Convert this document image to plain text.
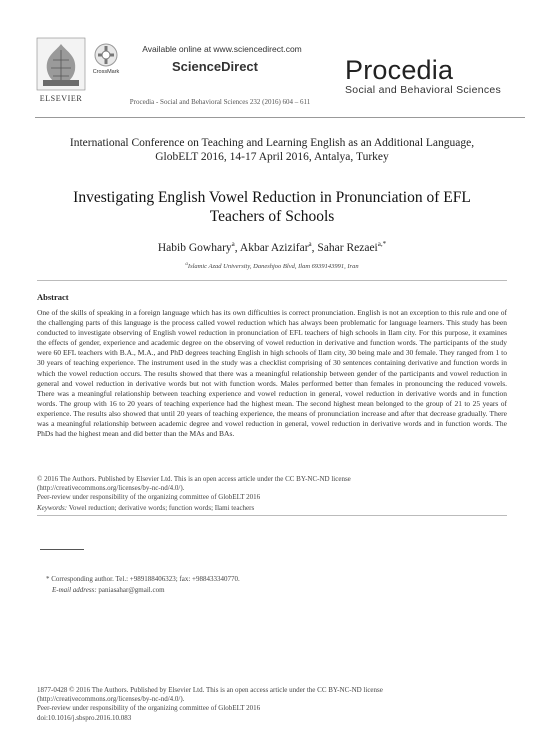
ELSEVIER
CrossMark
Available online at www.sciencedirect.com
ScienceDirect
Procedia - Social and Behavioral Sciences 232 (2016) 604 – 611
Procedia
Social and Behavioral Sciences
International Conference on Teaching and Learning English as an Additional Language,
GlobELT 2016, 14-17 April 2016, Antalya, Turkey
Investigating English Vowel Reduction in Pronunciation of EFL
Teachers of Schools
Habib Gowhary$^a$, Akbar Azizifar$^a$, Sahar Rezaei$^{a,*}$
$^a$Islamic Azad University, Daneshjoo Blvd, Ilam 6939143991, Iran
Abstract
One of the skills of speaking in a foreign language which has its own difficulties is correct pronunciation. English is not an exception to this rule and one of the challenging parts of this language is the process called vowel reduction which has always been problematic for language learners. This study has been conducted to investigate observing of English vowel reduction in pronunciation of EFL teachers of high schools in Ilam city. For this purpose, it examines the effects of gender, experience and academic degree on the observing of vowel reduction in derivative and function words. The participants of the study were 60 EFL teachers with B.A., M.A., and PhD degrees teaching English in high schools of Ilam city, 30 being male and 30 female. They ranged from 1 to 30 years of teaching experience. The instrument used in the study was a checklist comprising of 30 sentences containing derivative and function words in which the vowel reduction occurs. The results showed that there was a meaningful relationship between gender of the participants and vowel reduction in general and vowel reduction in derivative words but not with function words. Males performed better than females in pronouncing the reduced vowels. There was a meaningful relationship between teaching experience and vowel reduction in general, vowel reduction in derivative words and in function words. The group with 16 to 20 years of teaching experience had the highest mean. The second highest mean belonged to the group of 21 to 25 years of experience. The results also showed that until 20 years of teaching experience, the means of pronunciation increase and after that decrease gradually. There was a meaningful relationship between academic degree and vowel reduction in general, vowel reduction in derivative words and in function words. The PhDs had the highest mean and did better than the MAs and BAs.
© 2016 The Authors. Published by Elsevier Ltd. This is an open access article under the CC BY-NC-ND license
(http://creativecommons.org/licenses/by-nc-nd/4.0/).
Peer-review under responsibility of the organizing committee of GlobELT 2016
Keywords: Vowel reduction; derivative words; function words; Ilami teachers
* Corresponding author. Tel.: +989188406323; fax: +988433340770.
E-mail address: paniasahar@gmail.com
1877-0428 © 2016 The Authors. Published by Elsevier Ltd. This is an open access article under the CC BY-NC-ND license
(http://creativecommons.org/licenses/by-nc-nd/4.0/).
Peer-review under responsibility of the organizing committee of GlobELT 2016
doi:10.1016/j.sbspro.2016.10.083
